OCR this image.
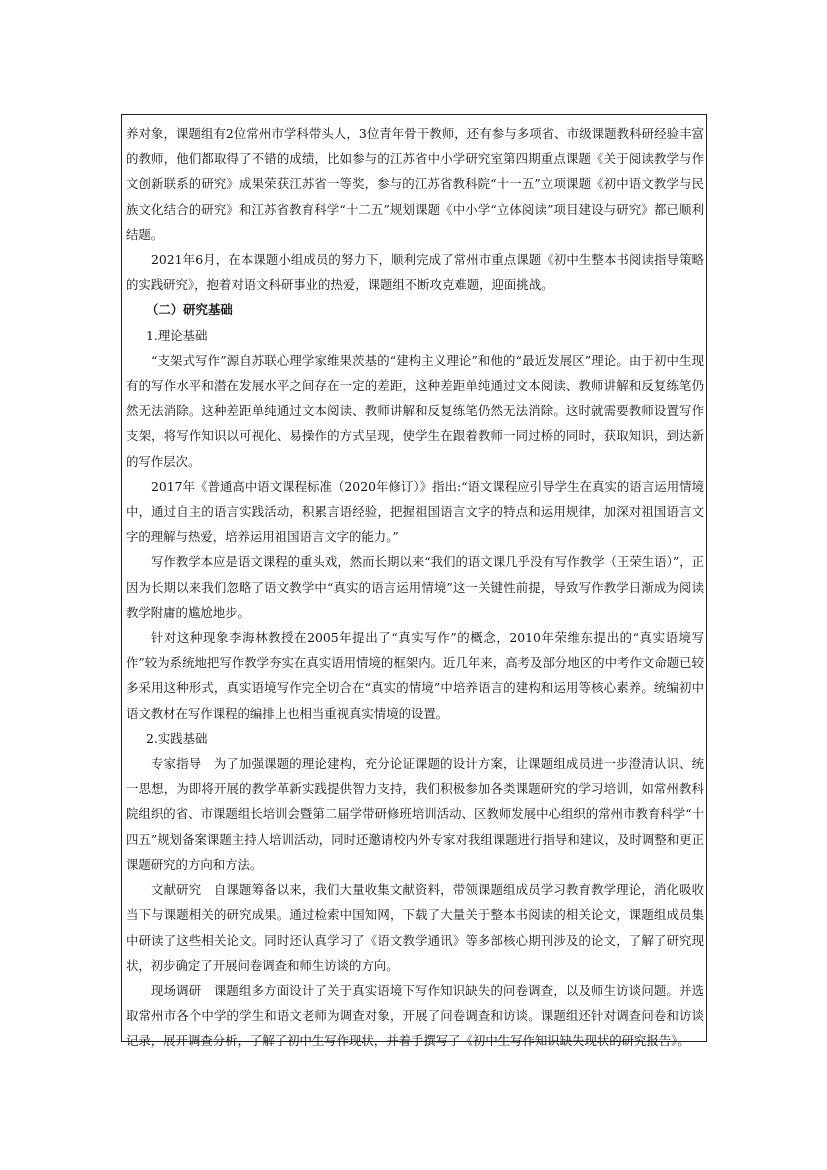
养对象，课题组有2位常州市学科带头人，3位青年骨干教师，还有参与多项省、市级课题教科研经验丰富的教师，他们都取得了不错的成绩，比如参与的江苏省中小学研究室第四期重点课题《关于阅读教学与作文创新联系的研究》成果荣获江苏省一等奖，参与的江苏省教科院“十一五”立项课题《初中语文教学与民族文化结合的研究》和江苏省教育科学“十二五”规划课题《中小学“立体阅读”项目建设与研究》都已顺利结题。

2021年6月，在本课题小组成员的努力下，顺利完成了常州市重点课题《初中生整本书阅读指导策略的实践研究》，抱着对语文科研事业的热爱，课题组不断攻克难题，迎面挑战。

（二）研究基础

1.理论基础

“支架式写作”源自苏联心理学家维果茨基的“建构主义理论”和他的“最近发展区”理论。由于初中生现有的写作水平和潜在发展水平之间存在一定的差距，这种差距单纯通过文本阅读、教师讲解和反复练笔仍然无法消除。这种差距单纯通过文本阅读、教师讲解和反复练笔仍然无法消除。这时就需要教师设置写作支架，将写作知识以可视化、易操作的方式呈现，使学生在跟着教师一同过桥的同时，获取知识，到达新的写作层次。

2017年《普通高中语文课程标准（2020年修订）》指出:“语文课程应引导学生在真实的语言运用情境中，通过自主的语言实践活动，积累言语经验，把握祖国语言文字的特点和运用规律，加深对祖国语言文字的理解与热爱，培养运用祖国语言文字的能力。”

写作教学本应是语文课程的重头戏，然而长期以来“我们的语文课几乎没有写作教学（王荣生语）”，正因为长期以来我们忽略了语文教学中“真实的语言运用情境”这一关键性前提，导致写作教学日渐成为阅读教学附庸的尴尬地步。

针对这种现象李海林教授在2005年提出了“真实写作”的概念，2010年荣维东提出的“真实语境写作”较为系统地把写作教学夯实在真实语用情境的框架内。近几年来，高考及部分地区的中考作文命题已较多采用这种形式，真实语境写作完全切合在“真实的情境”中培养语言的建构和运用等核心素养。统编初中语文教材在写作课程的编排上也相当重视真实情境的设置。

2.实践基础

专家指导　为了加强课题的理论建构，充分论证课题的设计方案，让课题组成员进一步澄清认识、统一思想，为即将开展的教学革新实践提供智力支持，我们积极参加各类课题研究的学习培训，如常州教科院组织的省、市课题组长培训会暨第二届学带研修班培训活动、区教师发展中心组织的常州市教育科学“十四五”规划备案课题主持人培训活动，同时还邀请校内外专家对我组课题进行指导和建议，及时调整和更正课题研究的方向和方法。

文献研究　自课题筹备以来，我们大量收集文献资料，带领课题组成员学习教育教学理论，消化吸收当下与课题相关的研究成果。通过检索中国知网，下载了大量关于整本书阅读的相关论文，课题组成员集中研读了这些相关论文。同时还认真学习了《语文教学通讯》等多部核心期刊涉及的论文，了解了研究现状，初步确定了开展问卷调查和师生访谈的方向。

现场调研　课题组多方面设计了关于真实语境下写作知识缺失的问卷调查，以及师生访谈问题。并选取常州市各个中学的学生和语文老师为调查对象，开展了问卷调查和访谈。课题组还针对调查问卷和访谈记录，展开调查分析，了解了初中生写作现状，并着手撰写了《初中生写作知识缺失现状的研究报告》。
